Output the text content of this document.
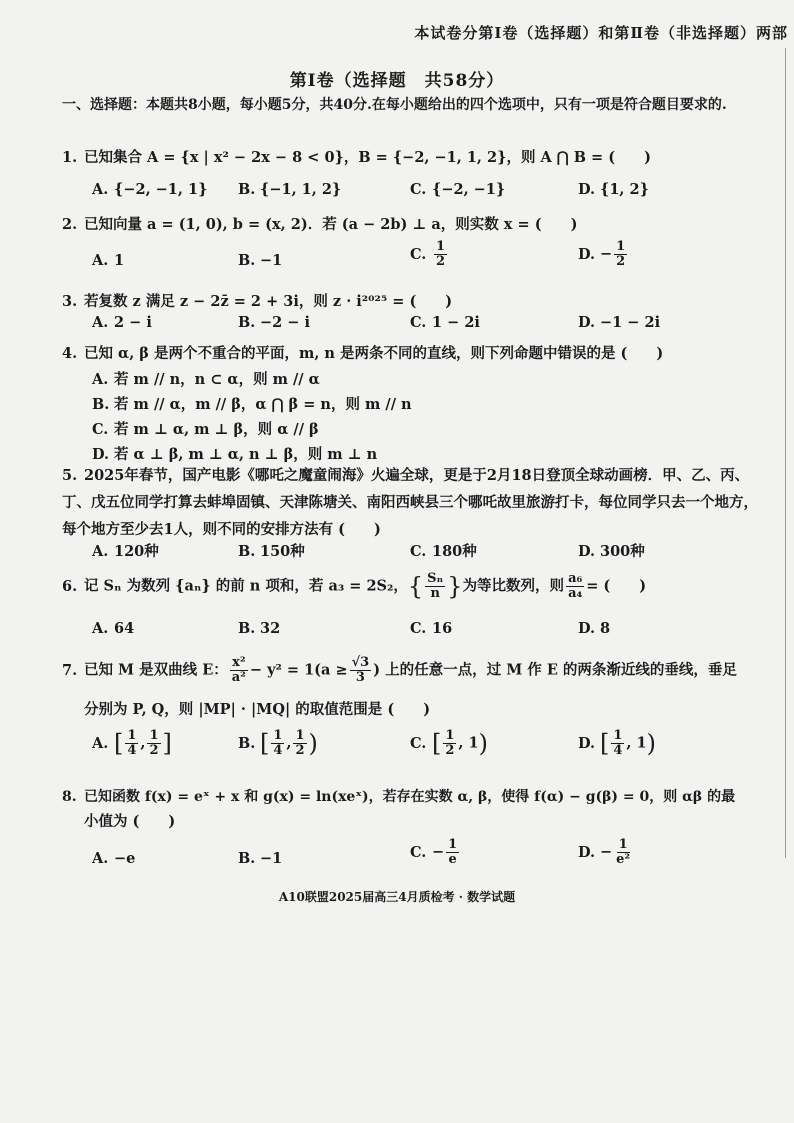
本试卷分第Ⅰ卷（选择题）和第Ⅱ卷（非选择题）两部
第Ⅰ卷（选择题　共58分）
一、选择题：本题共8小题，每小题5分，共40分.在每小题给出的四个选项中，只有一项是符合题目要求的.
1. 已知集合 A = {x | x² − 2x − 8 < 0}，B = {−2, −1, 1, 2}，则 A ⋂ B = (　　)
A. {−2, −1, 1} B. {−1, 1, 2}	C. {−2, −1}	D. {1, 2}
2. 已知向量 a = (1, 0), b = (x, 2)．若 (a − 2b) ⊥ a，则实数 x = (　　)
A. 1	B. −1	C. $\frac{1}{2}$	D. − $\frac{1}{2}$
3. 若复数 z 满足 z − 2z̄ = 2 + 3i，则 z · i²⁰²⁵ = (　　)
A. 2 − i	B. −2 − i	C. 1 − 2i	D. −1 − 2i
4. 已知 α, β 是两个不重合的平面，m, n 是两条不同的直线，则下列命题中错误的是 (　　)
A. 若 m // n，n ⊂ α，则 m // α
B. 若 m // α，m // β，α ⋂ β = n，则 m // n
C. 若 m ⊥ α, m ⊥ β，则 α // β
D. 若 α ⊥ β, m ⊥ α, n ⊥ β，则 m ⊥ n
5. 2025年春节，国产电影《哪吒之魔童闹海》火遍全球，更是于2月18日登顶全球动画榜．甲、乙、丙、丁、戊五位同学打算去蚌埠固镇、天津陈塘关、南阳西峡县三个哪吒故里旅游打卡，每位同学只去一个地方，每个地方至少去1人，则不同的安排方法有 (　　)
A. 120种	B. 150种	C. 180种	D. 300种
6. 记 Sₙ 为数列 {aₙ} 的前 n 项和，若 a₃ = 2S₂，{ $\frac{\text{Sₙ}}{n}$ }为等比数列，则 $\frac{\text{a₆}}{\text{a₄}}$ = (　　)
A. 64	B. 32	C. 16	D. 8
7. 已知 M 是双曲线 E： $\frac{\text{x²}}{\text{a²}} - y^2 = 1(a \ge \frac{√3}{3}$ ) 上的任意一点，过 M 作 E 的两条渐近线的垂线，垂足
分别为 P, Q，则 |MP| · |MQ| 的取值范围是 (　　)
A. [ $\frac{1}{4}$ , $\frac{1}{2}$ ]	B. [ $\frac{1}{4}$ , $\frac{1}{2}$ )	C. [ $\frac{1}{2}$ , 1)	D. [ $\frac{1}{4}$ , 1)
8. 已知函数 f(x) = eˣ + x 和 g(x) = ln(xeˣ)，若存在实数 α, β，使得 f(α) − g(β) = 0，则 αβ 的最
小值为 (　　)
A. −e	B. −1	C. − $\frac{1}{e}$	D. − $\frac{1}{\text{e²}}$
A10联盟2025届高三4月质检考 · 数学试题
